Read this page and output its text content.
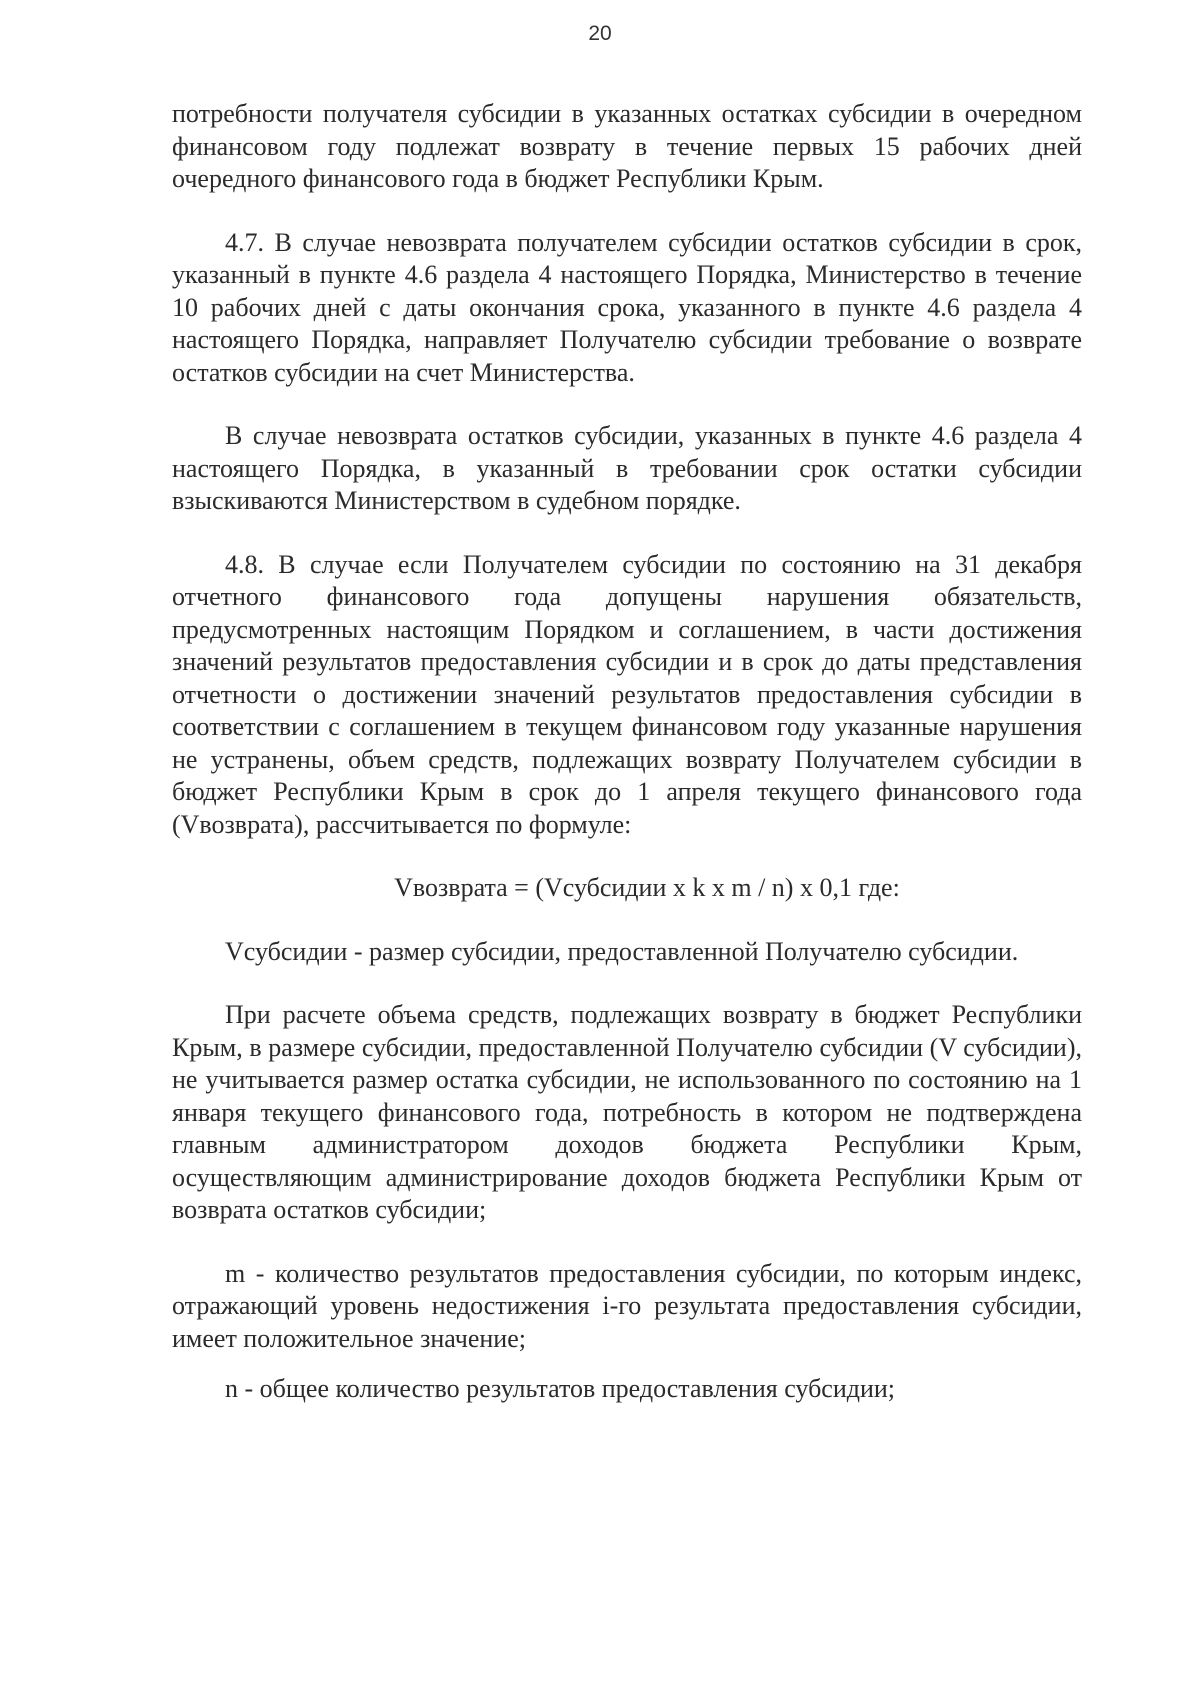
20

потребности получателя субсидии в указанных остатках субсидии в очередном финансовом году подлежат возврату в течение первых 15 рабочих дней очередного финансового года в бюджет Республики Крым.

4.7. В случае невозврата получателем субсидии остатков субсидии в срок, указанный в пункте 4.6 раздела 4 настоящего Порядка, Министерство в течение 10 рабочих дней с даты окончания срока, указанного в пункте 4.6 раздела 4 настоящего Порядка, направляет Получателю субсидии требование о возврате остатков субсидии на счет Министерства.

В случае невозврата остатков субсидии, указанных в пункте 4.6 раздела 4 настоящего Порядка, в указанный в требовании срок остатки субсидии взыскиваются Министерством в судебном порядке.

4.8. В случае если Получателем субсидии по состоянию на 31 декабря отчетного финансового года допущены нарушения обязательств, предусмотренных настоящим Порядком и соглашением, в части достижения значений результатов предоставления субсидии и в срок до даты представления отчетности о достижении значений результатов предоставления субсидии в соответствии с соглашением в текущем финансовом году указанные нарушения не устранены, объем средств, подлежащих возврату Получателем субсидии в бюджет Республики Крым в срок до 1 апреля текущего финансового года (Vвозврата), рассчитывается по формуле:

Vвозврата = (Vсубсидии x k x m / n) x 0,1 где:

Vсубсидии - размер субсидии, предоставленной Получателю субсидии.

При расчете объема средств, подлежащих возврату в бюджет Республики Крым, в размере субсидии, предоставленной Получателю субсидии (V субсидии), не учитывается размер остатка субсидии, не использованного по состоянию на 1 января текущего финансового года, потребность в котором не подтверждена главным администратором доходов бюджета Республики Крым, осуществляющим администрирование доходов бюджета Республики Крым от возврата остатков субсидии;

m - количество результатов предоставления субсидии, по которым индекс, отражающий уровень недостижения i-го результата предоставления субсидии, имеет положительное значение;

n - общее количество результатов предоставления субсидии;
